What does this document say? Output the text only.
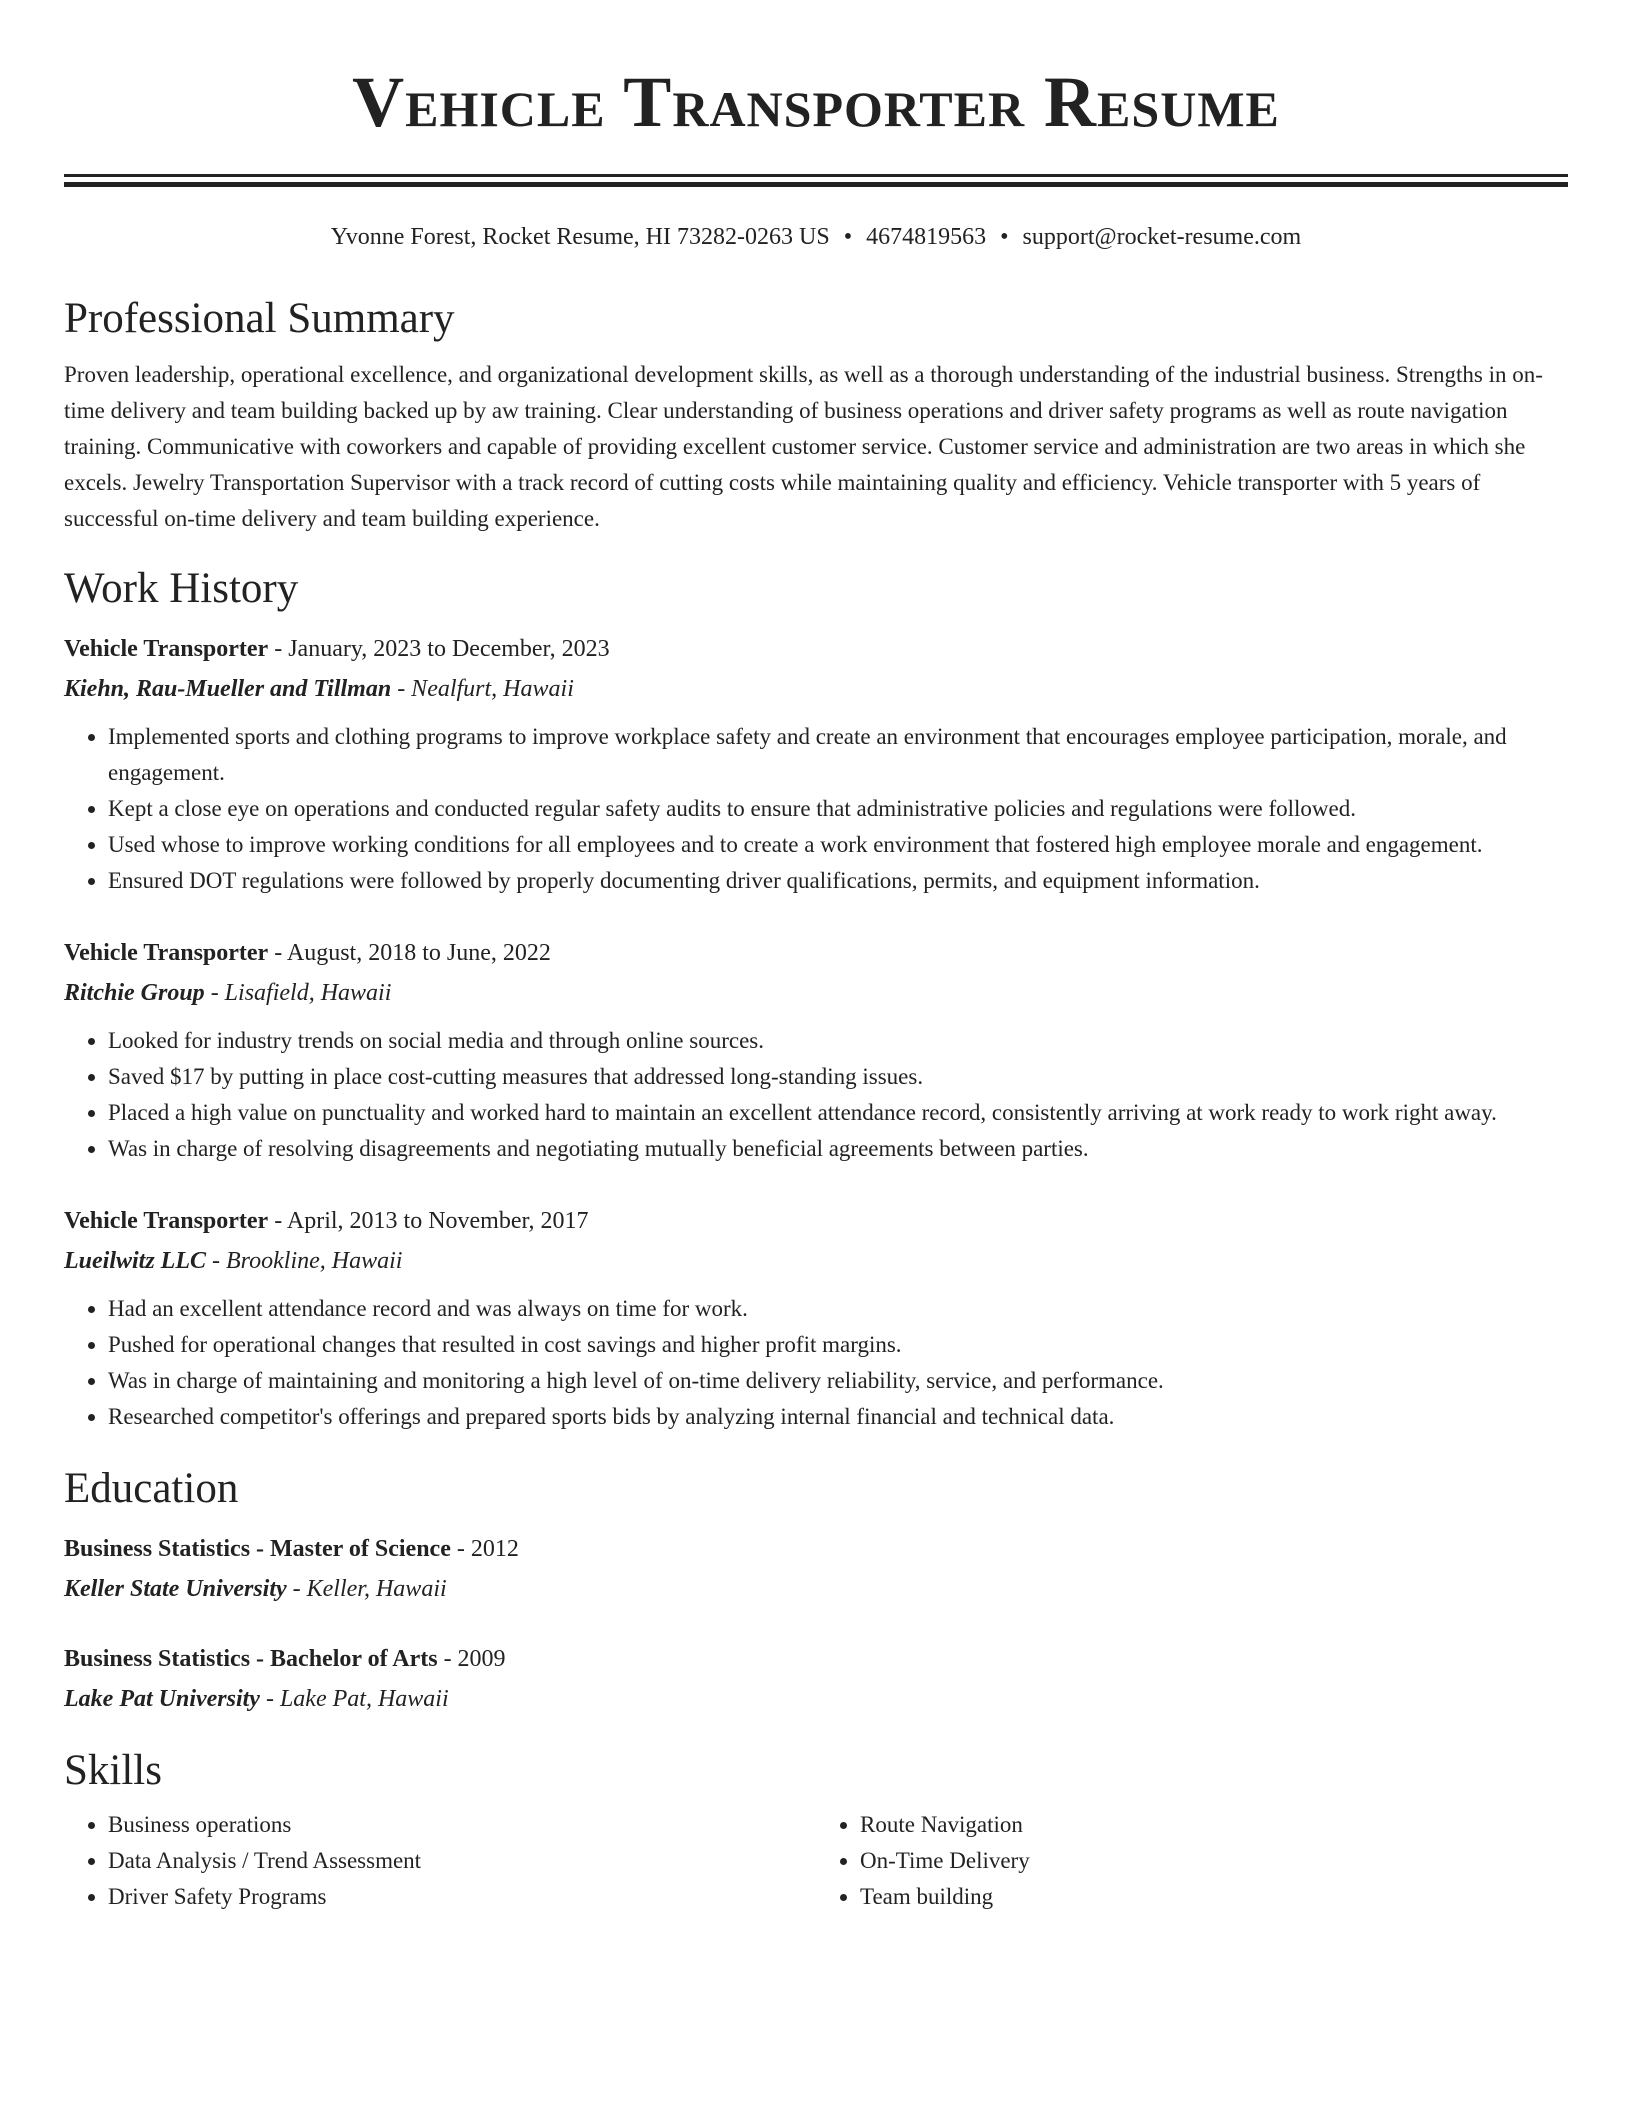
Vehicle Transporter Resume
Yvonne Forest, Rocket Resume, HI 73282-0263 US • 4674819563 • support@rocket-resume.com
Professional Summary
Proven leadership, operational excellence, and organizational development skills, as well as a thorough understanding of the industrial business. Strengths in on-time delivery and team building backed up by aw training. Clear understanding of business operations and driver safety programs as well as route navigation training. Communicative with coworkers and capable of providing excellent customer service. Customer service and administration are two areas in which she excels. Jewelry Transportation Supervisor with a track record of cutting costs while maintaining quality and efficiency. Vehicle transporter with 5 years of successful on-time delivery and team building experience.
Work History
Vehicle Transporter - January, 2023 to December, 2023
Kiehn, Rau-Mueller and Tillman - Nealfurt, Hawaii
• Implemented sports and clothing programs to improve workplace safety and create an environment that encourages employee participation, morale, and engagement.
• Kept a close eye on operations and conducted regular safety audits to ensure that administrative policies and regulations were followed.
• Used whose to improve working conditions for all employees and to create a work environment that fostered high employee morale and engagement.
• Ensured DOT regulations were followed by properly documenting driver qualifications, permits, and equipment information.
Vehicle Transporter - August, 2018 to June, 2022
Ritchie Group - Lisafield, Hawaii
• Looked for industry trends on social media and through online sources.
• Saved $17 by putting in place cost-cutting measures that addressed long-standing issues.
• Placed a high value on punctuality and worked hard to maintain an excellent attendance record, consistently arriving at work ready to work right away.
• Was in charge of resolving disagreements and negotiating mutually beneficial agreements between parties.
Vehicle Transporter - April, 2013 to November, 2017
Lueilwitz LLC - Brookline, Hawaii
• Had an excellent attendance record and was always on time for work.
• Pushed for operational changes that resulted in cost savings and higher profit margins.
• Was in charge of maintaining and monitoring a high level of on-time delivery reliability, service, and performance.
• Researched competitor's offerings and prepared sports bids by analyzing internal financial and technical data.
Education
Business Statistics - Master of Science - 2012
Keller State University - Keller, Hawaii
Business Statistics - Bachelor of Arts - 2009
Lake Pat University - Lake Pat, Hawaii
Skills
• Business operations
• Data Analysis / Trend Assessment
• Driver Safety Programs
• Route Navigation
• On-Time Delivery
• Team building
